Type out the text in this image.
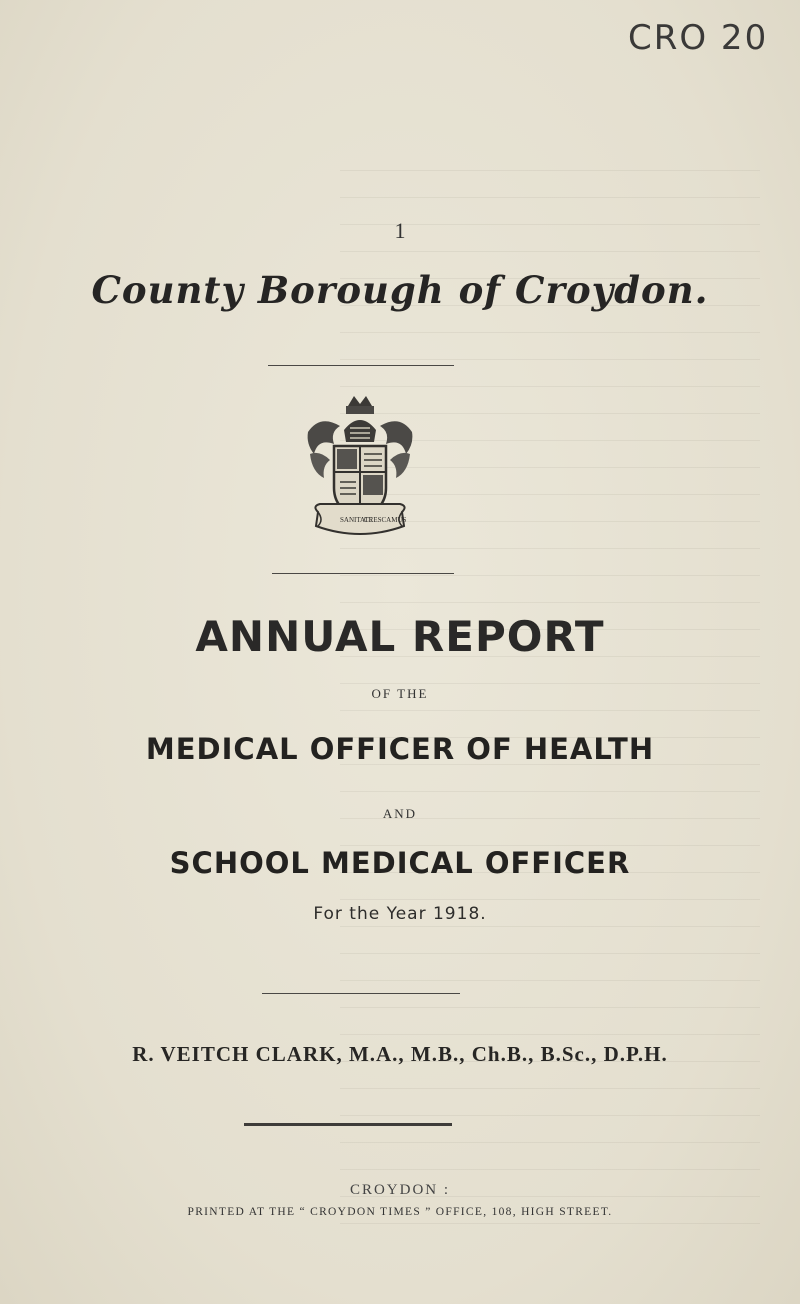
CRO 20
1
County Borough of Croydon.
SANITATE
CRESCAMUS
ANNUAL REPORT
OF THE
MEDICAL OFFICER OF HEALTH
AND
SCHOOL MEDICAL OFFICER
For the Year 1918.
R. VEITCH CLARK, M.A., M.B., Ch.B., B.Sc., D.P.H.
CROYDON :
PRINTED AT THE “ CROYDON TIMES ” OFFICE, 108, HIGH STREET.
